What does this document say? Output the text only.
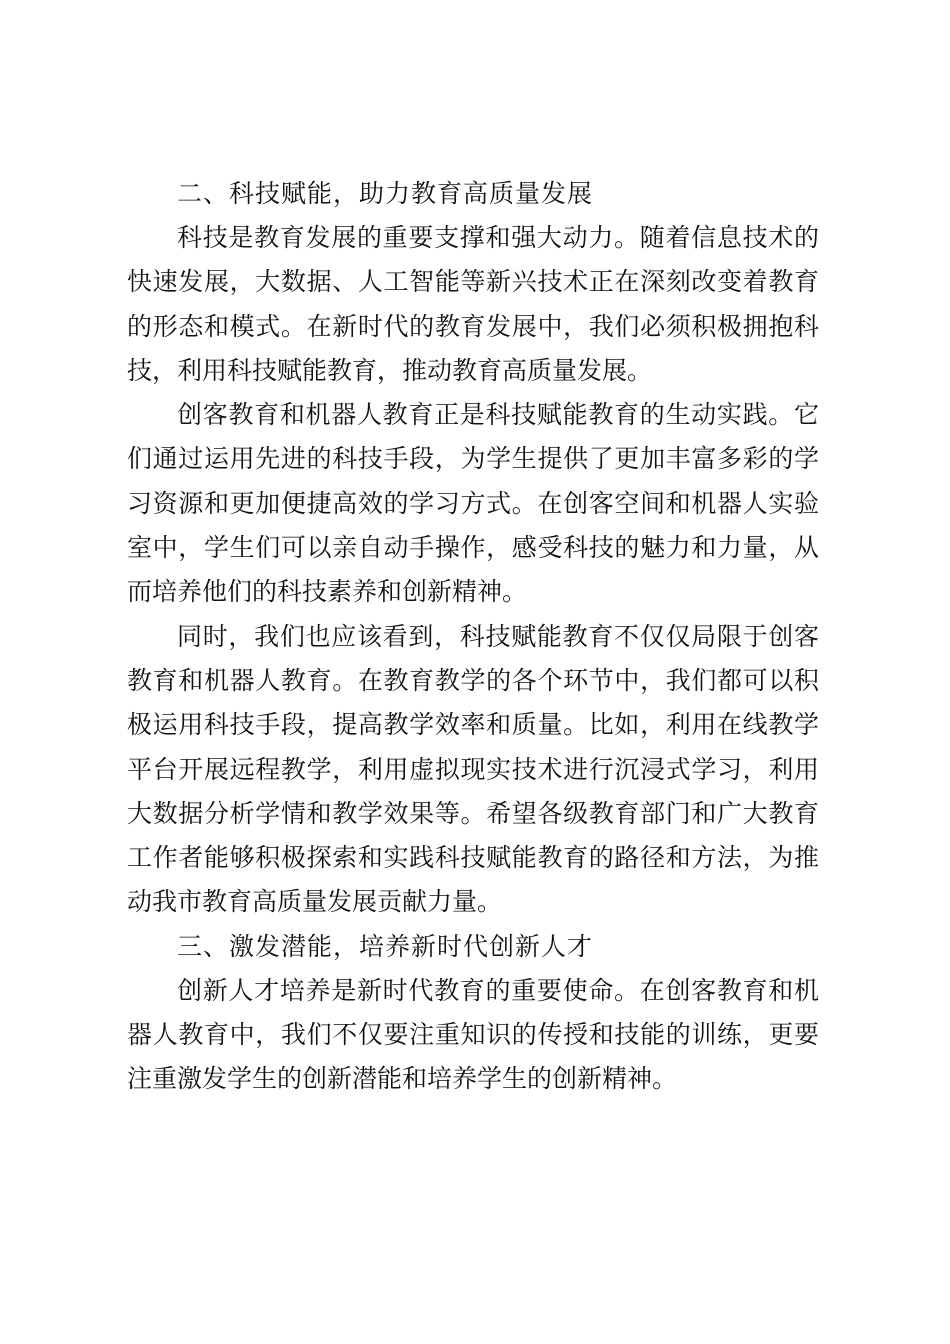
二、科技赋能，助力教育高质量发展

科技是教育发展的重要支撑和强大动力。随着信息技术的快速发展，大数据、人工智能等新兴技术正在深刻改变着教育的形态和模式。在新时代的教育发展中，我们必须积极拥抱科技，利用科技赋能教育，推动教育高质量发展。

创客教育和机器人教育正是科技赋能教育的生动实践。它们通过运用先进的科技手段，为学生提供了更加丰富多彩的学习资源和更加便捷高效的学习方式。在创客空间和机器人实验室中，学生们可以亲自动手操作，感受科技的魅力和力量，从而培养他们的科技素养和创新精神。

同时，我们也应该看到，科技赋能教育不仅仅局限于创客教育和机器人教育。在教育教学的各个环节中，我们都可以积极运用科技手段，提高教学效率和质量。比如，利用在线教学平台开展远程教学，利用虚拟现实技术进行沉浸式学习，利用大数据分析学情和教学效果等。希望各级教育部门和广大教育工作者能够积极探索和实践科技赋能教育的路径和方法，为推动我市教育高质量发展贡献力量。

三、激发潜能，培养新时代创新人才

创新人才培养是新时代教育的重要使命。在创客教育和机器人教育中，我们不仅要注重知识的传授和技能的训练，更要注重激发学生的创新潜能和培养学生的创新精神。
